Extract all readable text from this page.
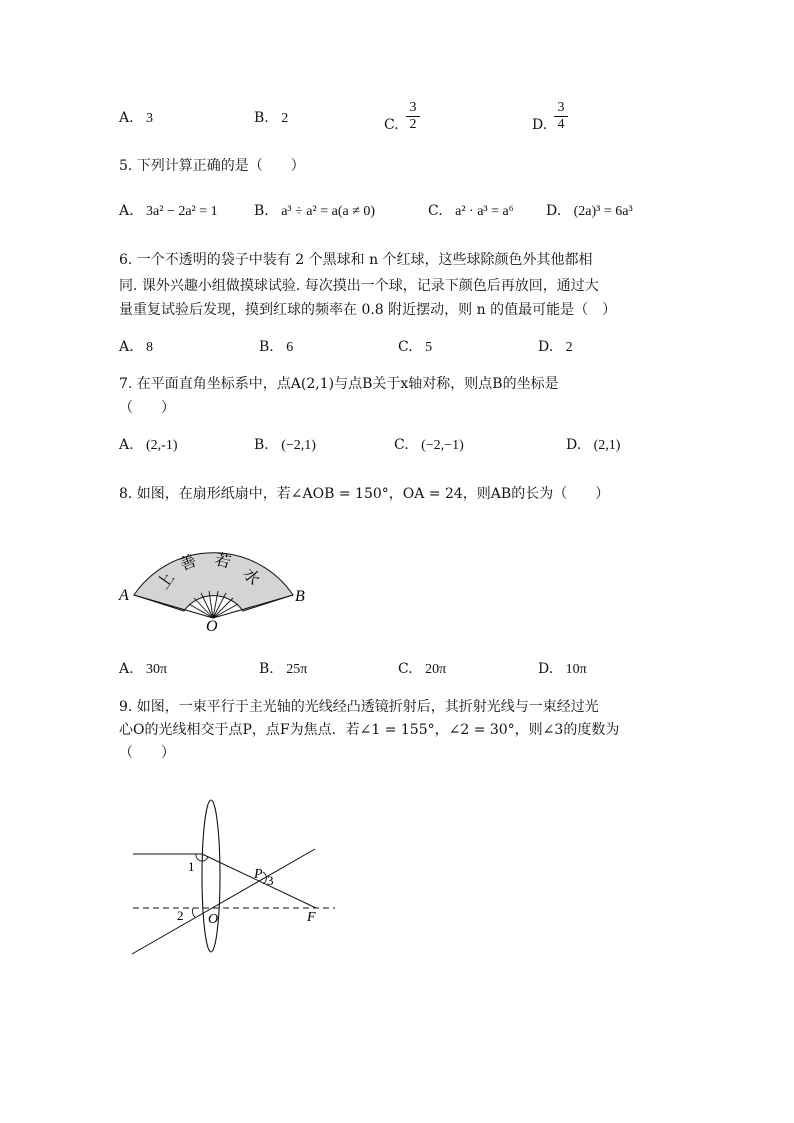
A. 3	B. 2	C.
3
2	D.
3
4
5. 下列计算正确的是（　　）
A. 3a² − 2a² = 1	B. a³ ÷ a² = a(a ≠ 0)	C. a² · a³ = a⁶ D. (2a)³ = 6a³
6. 一个不透明的袋子中装有 2 个黑球和 n 个红球，这些球除颜色外其他都相
同. 课外兴趣小组做摸球试验. 每次摸出一个球，记录下颜色后再放回，通过大
量重复试验后发现，摸到红球的频率在 0.8 附近摆动，则 n 的值最可能是（　）
A. 8	B. 6	C. 5	D. 2
7. 在平面直角坐标系中，点A(2,1)与点B关于x轴对称，则点B的坐标是
（　　）
A. (2,-1)	B. (−2,1)	C. (−2,−1)	D. (2,1)
8. 如图，在扇形纸扇中，若∠AOB = 150°，OA = 24，则AB的长为（　　）
上
善 若
水
A	B
O
A. 30π	B. 25π	C. 20π	D. 10π
9. 如图，一束平行于主光轴的光线经凸透镜折射后，其折射光线与一束经过光
心O的光线相交于点P，点F为焦点．若∠1 = 155°，∠2 = 30°，则∠3的度数为
（　　）
1
2
3
P
O	F
